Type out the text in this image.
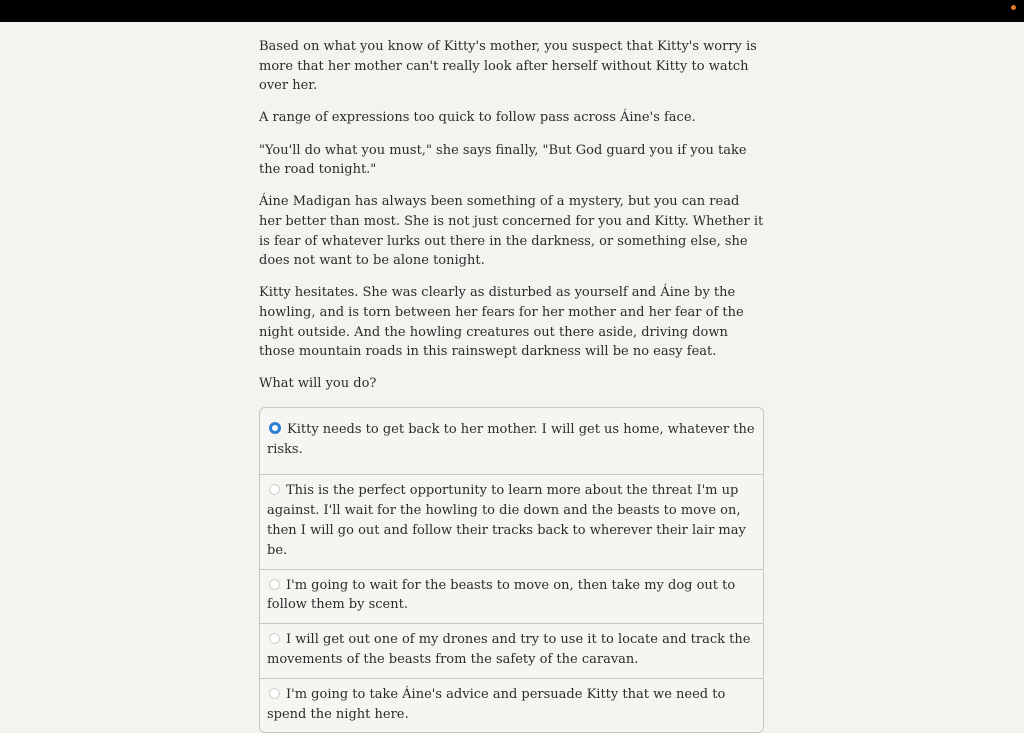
Based on what you know of Kitty's mother, you suspect that Kitty's worry is more that her mother can't really look after herself without Kitty to watch over her.

A range of expressions too quick to follow pass across Áine's face.

"You'll do what you must," she says finally, "But God guard you if you take the road tonight."

Áine Madigan has always been something of a mystery, but you can read her better than most. She is not just concerned for you and Kitty. Whether it is fear of whatever lurks out there in the darkness, or something else, she does not want to be alone tonight.

Kitty hesitates. She was clearly as disturbed as yourself and Áine by the howling, and is torn between her fears for her mother and her fear of the night outside. And the howling creatures out there aside, driving down those mountain roads in this rainswept darkness will be no easy feat.

What will you do?

Kitty needs to get back to her mother. I will get us home, whatever the risks.
This is the perfect opportunity to learn more about the threat I'm up against. I'll wait for the howling to die down and the beasts to move on, then I will go out and follow their tracks back to wherever their lair may be.
I'm going to wait for the beasts to move on, then take my dog out to follow them by scent.
I will get out one of my drones and try to use it to locate and track the movements of the beasts from the safety of the caravan.
I'm going to take Áine's advice and persuade Kitty that we need to spend the night here.
